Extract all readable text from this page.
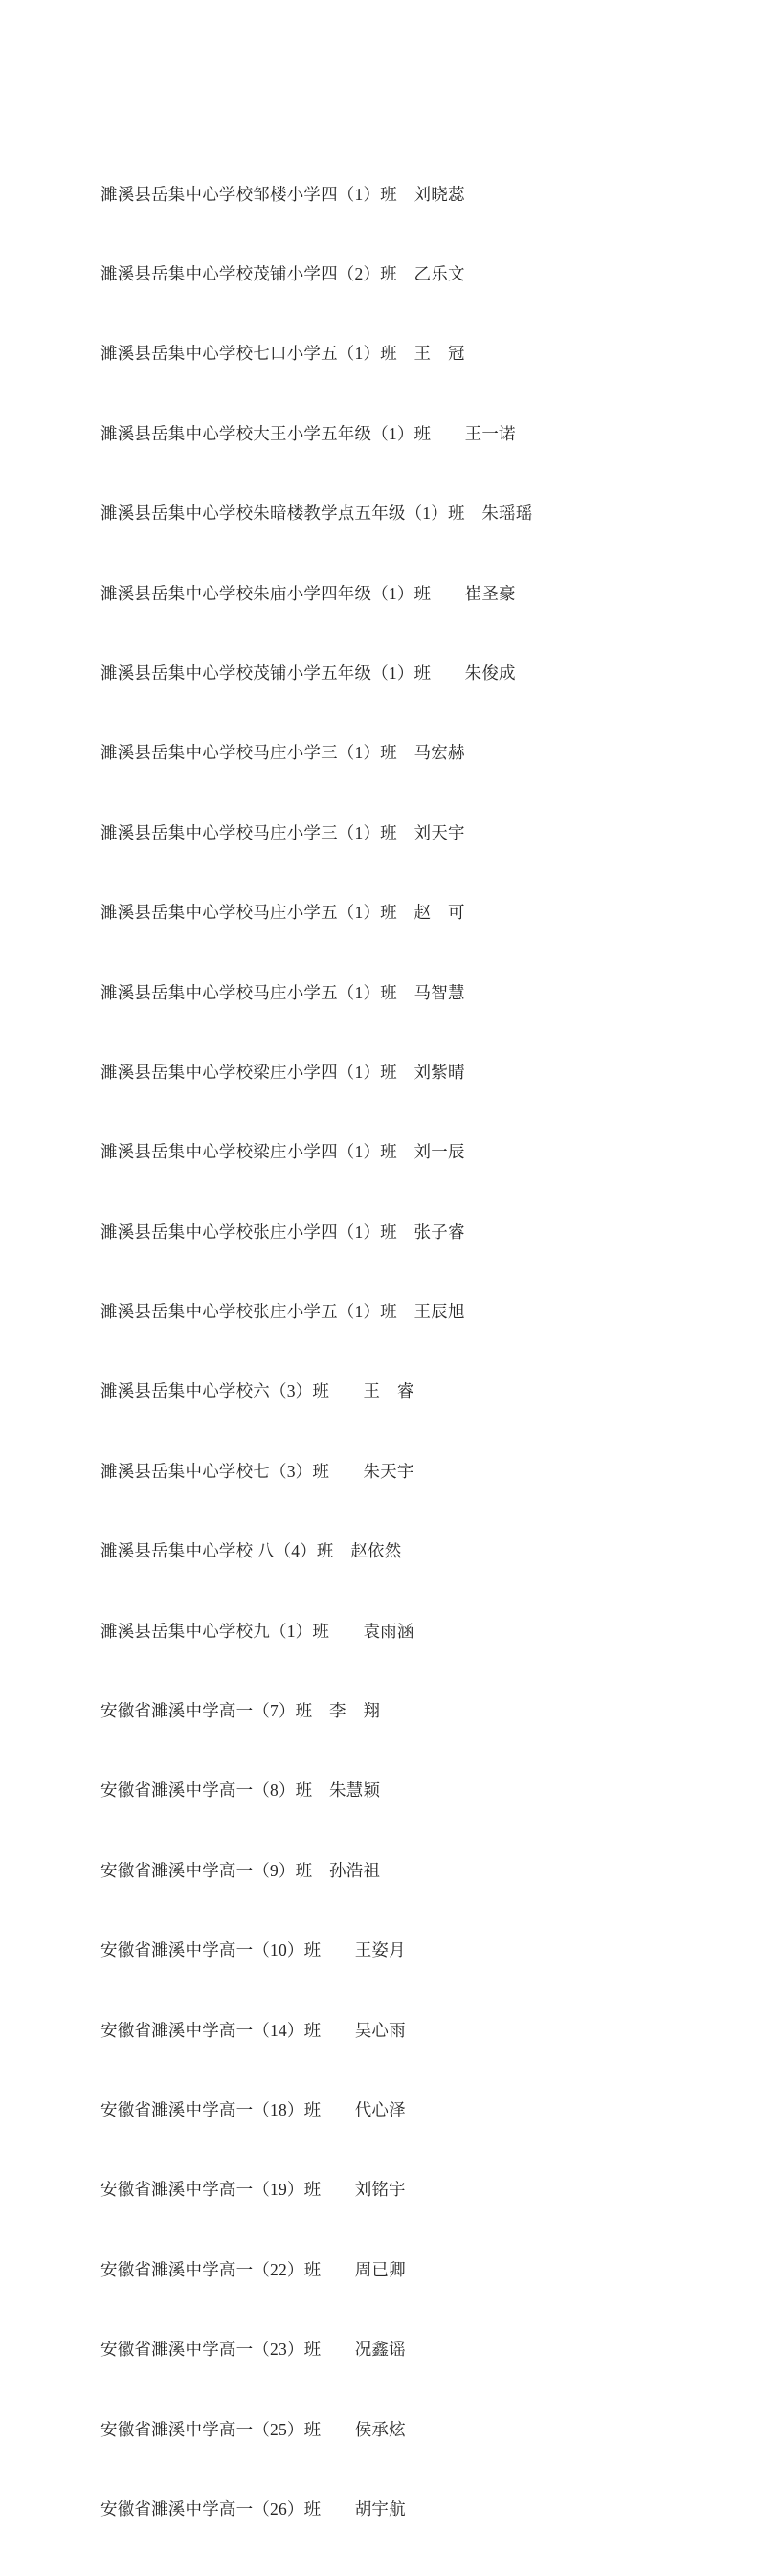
濉溪县岳集中心学校邹楼小学四（1）班　刘晓蕊

濉溪县岳集中心学校茂铺小学四（2）班　乙乐文

濉溪县岳集中心学校七口小学五（1）班　王　冠

濉溪县岳集中心学校大王小学五年级（1）班　　王一诺

濉溪县岳集中心学校朱暗楼教学点五年级（1）班　朱瑶瑶

濉溪县岳集中心学校朱庙小学四年级（1）班　　崔圣豪

濉溪县岳集中心学校茂铺小学五年级（1）班　　朱俊成

濉溪县岳集中心学校马庄小学三（1）班　马宏赫

濉溪县岳集中心学校马庄小学三（1）班　刘天宇

濉溪县岳集中心学校马庄小学五（1）班　赵　可

濉溪县岳集中心学校马庄小学五（1）班　马智慧

濉溪县岳集中心学校梁庄小学四（1）班　刘紫晴

濉溪县岳集中心学校梁庄小学四（1）班　刘一辰

濉溪县岳集中心学校张庄小学四（1）班　张子睿

濉溪县岳集中心学校张庄小学五（1）班　王辰旭

濉溪县岳集中心学校六（3）班　　王　睿

濉溪县岳集中心学校七（3）班　　朱天宇

濉溪县岳集中心学校 八（4）班　赵依然

濉溪县岳集中心学校九（1）班　　袁雨涵

安徽省濉溪中学高一（7）班　李　翔

安徽省濉溪中学高一（8）班　朱慧颖

安徽省濉溪中学高一（9）班　孙浩祖

安徽省濉溪中学高一（10）班　　王姿月

安徽省濉溪中学高一（14）班　　吴心雨

安徽省濉溪中学高一（18）班　　代心泽

安徽省濉溪中学高一（19）班　　刘铭宇

安徽省濉溪中学高一（22）班　　周已卿

安徽省濉溪中学高一（23）班　　况鑫谣

安徽省濉溪中学高一（25）班　　侯承炫

安徽省濉溪中学高一（26）班　　胡宇航
